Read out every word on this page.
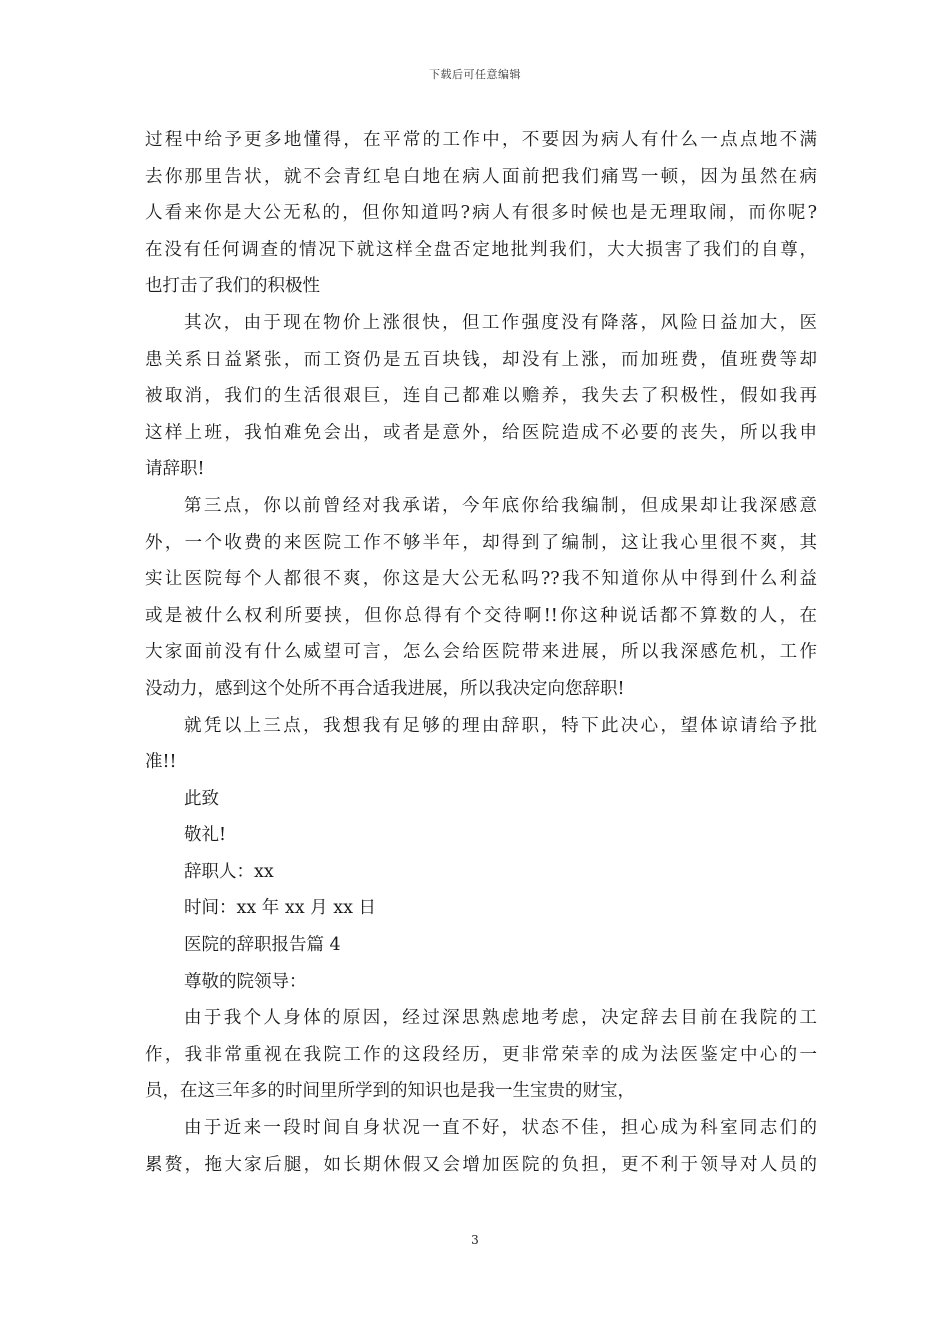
下载后可任意编辑
过程中给予更多地懂得，在平常的工作中，不要因为病人有什么一点点地不满
去你那里告状，就不会青红皂白地在病人面前把我们痛骂一顿，因为虽然在病
人看来你是大公无私的，但你知道吗?病人有很多时候也是无理取闹，而你呢?
在没有任何调查的情况下就这样全盘否定地批判我们，大大损害了我们的自尊，
也打击了我们的积极性
其次，由于现在物价上涨很快，但工作强度没有降落，风险日益加大，医
患关系日益紧张，而工资仍是五百块钱，却没有上涨，而加班费，值班费等却
被取消，我们的生活很艰巨，连自己都难以赡养，我失去了积极性，假如我再
这样上班，我怕难免会出，或者是意外，给医院造成不必要的丧失，所以我申
请辞职!
第三点，你以前曾经对我承诺，今年底你给我编制，但成果却让我深感意
外，一个收费的来医院工作不够半年，却得到了编制，这让我心里很不爽，其
实让医院每个人都很不爽，你这是大公无私吗??我不知道你从中得到什么利益
或是被什么权利所要挟，但你总得有个交待啊!!你这种说话都不算数的人，在
大家面前没有什么威望可言，怎么会给医院带来进展，所以我深感危机，工作
没动力，感到这个处所不再合适我进展，所以我决定向您辞职!
就凭以上三点，我想我有足够的理由辞职，特下此决心，望体谅请给予批
准!!
此致
敬礼!
辞职人：xx
时间：xx 年 xx 月 xx 日
医院的辞职报告篇 4
尊敬的院领导：
由于我个人身体的原因，经过深思熟虑地考虑，决定辞去目前在我院的工
作，我非常重视在我院工作的这段经历，更非常荣幸的成为法医鉴定中心的一
员，在这三年多的时间里所学到的知识也是我一生宝贵的财宝，
由于近来一段时间自身状况一直不好，状态不佳，担心成为科室同志们的
累赘，拖大家后腿，如长期休假又会增加医院的负担，更不利于领导对人员的
3
